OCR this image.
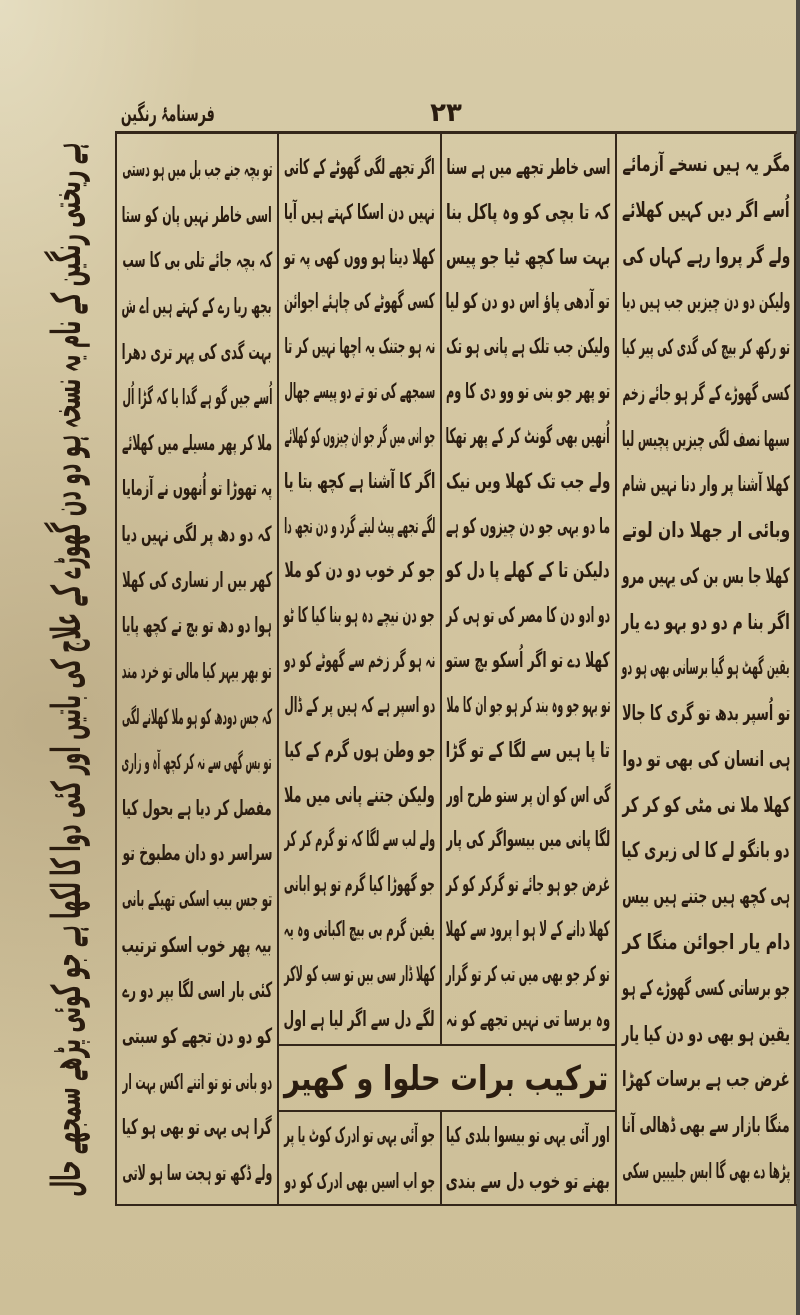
فرسنامۂ رنگین	۲۳
ہے ریختی رنگین کے نام یہ نسخہ ہو دو دن گھوڑے کے علاج کی باتیں اور کئی دوا کا لکھا ہے جو کوئی پڑھے سمجھے حال	مگر یہ ہیں نسخے آزمائے
اُسے اگر دیں کہیں کھلائے
ولے گر پروا رہے کہاں کی
ولیکن دو دن چیزیں جب ہیں دیا
تو رکھ کر بیچ کی گدی کی پیر کیا
کسی گھوڑے کے گر ہو جائے زخم
سبھا نصف لگی چیزیں پچیس لیا
کھلا آشنا پر وار دنا نہیں شام
وبائی ار جھلا دان لوتے
کھلا جا بس بن کی یہیں مرو
اگر بنا م دو دو بہو دے یار
یقین گھٹ ہو گیا برسانی بھی ہو دو
تو اُسپر بدھ تو گری کا جالا
ہی انسان کی بھی تو دوا
کھلا ملا نی مٹی کو کر کر
دو بانگو لے کا لی زیری کیا
ہی کچھ ہیں جتنے ہیں بیس
دام یار اجوائن منگا کر
جو برساتی کسی گھوڑے کے ہو
یقین ہو بھی دو دن کیا یار
غرض جب ہے برسات کھڑا
منگا بازار سے بھی ڈھالی آنا
پڑھا دے بھی گا ابس جلیبیں سکی
اسی خاطر تجھے میں ہے سنا
کہ تا بچی کو وہ پاکل بنا
بہت سا کچھ ٹیا جو پیس
تو آدھی پاؤ اس دو دن کو لیا
ولیکن جب تلک ہے پانی ہو تک
تو پھر جو بنی تو وو دی کا وم
اُنھیں بھی گونٹ کر کے پھر تھکا
ولے جب تک کھلا ویں نیک
ما دو بہی جو دن چیزوں کو ہے
دلیکن تا کے کھلے پا دل کو
دو ادو دن کا مصر کی تو ہی کر
کھلا دے تو اگر اُسکو بچ ستو
تو بہو جو وہ بند کر ہو جو ان کا ملا
تا پا ہیں سے لگا کے تو گڑا
گی اس کو ان پر ستو طرح اور
لگا پانی میں بیسواگر کی پار
غرض جو ہو جائے تو گرکر کو کر
کھلا دانے کے لا ہو ا پرود سے کھلا
تو کر جو بھی میں تب کر تو گرار
وہ برسا تی نہیں تجھے کو نہ
اگر تجھے لگی گھوٹے کے کاتی
نہیں دن اسکا کہتے ہیں آیا
کھلا دینا ہو ووں کھی پہ تو
کسی گھوٹے کی چاہئے اجوائن
نہ ہو جتنک یہ اچھا نہیں کر تا
سمجھے کی تو تے دو پیسے جھال
جو انی میں گر جو ان چیزوں کو کھلائے
اگر کا آشنا ہے کچھ بتا یا
لگے تجھے پیٹ لیتے گرد و دن تجھ دا
جو کر خوب دو دن کو ملا
جو دن نیچے دہ ہو بنا کیا کا ٹو
نہ ہو گر زخم سے گھوٹے کو دو
دو اسپر ہے کہ ہیں پر کے ڈال
جو وطن ہوں گرم کے کیا
ولیکن جتنے پانی میں ملا
ولے لب سے لگا کہ تو گرم کر کر
جو گھوڑا کیا گرم تو ہو ابانی
یقین گرم بی بیچ اکبانی وہ یہ
کھلا ڈار سی بیں تو سب کو لاکر
لگے دل سے اگر لیا ہے اول
تو بچہ جنے جب بل میں ہو دستی
اسی خاطر نہیں پان کو ستا
کہ بچہ جائے تلی بی کا سب
بجھ ریا رے کے کہتے ہیں اے ش
بہت گدی کی پہر تری دھرا
اُسے جیں گو ہے گدا یا کہ گڑا اُل
ملا کر پھر مسیلے میں کھلائے
پہ تھوڑا تو اُنھوں نے آزمایا
کہ دو دھ پر لگی نہیں دیا
کھر بیں ار نساری کی کھلا
ہوا دو دھ تو بچ تے کچھ پایا
تو بھر بیہر کیا مالی تو خرد مند
کہ جس دودھ کو ہو ملا کھلانے لگی
تو بس گھی سے نہ کر کچھ آہ و زاری
مفصل کر دیا ہے بحول کیا
سراسر دو دان مطبوخ تو
تو جس بیب اسکی تھیکے بانی
بیہ پھر خوب اسکو ترتیب
کئی بار اسی لگا بپر دو رے
کو دو دن تجھے کو سبتی
دو بانی تو تو اتنے اکس بہت ار
گرا ہی یہی تو بھی ہو کیا
ولے ڈکھ تو ہجت سا ہو لاتی
ترکیب برات حلوا و کھیر
اور آئی یہی تو بیسوا بلدی کیا
بھنے تو خوب دل سے بندی
جو آئی یہی تو ادرک کوٹ یا پر
جو اب اسیں بھی ادرک کو دو
